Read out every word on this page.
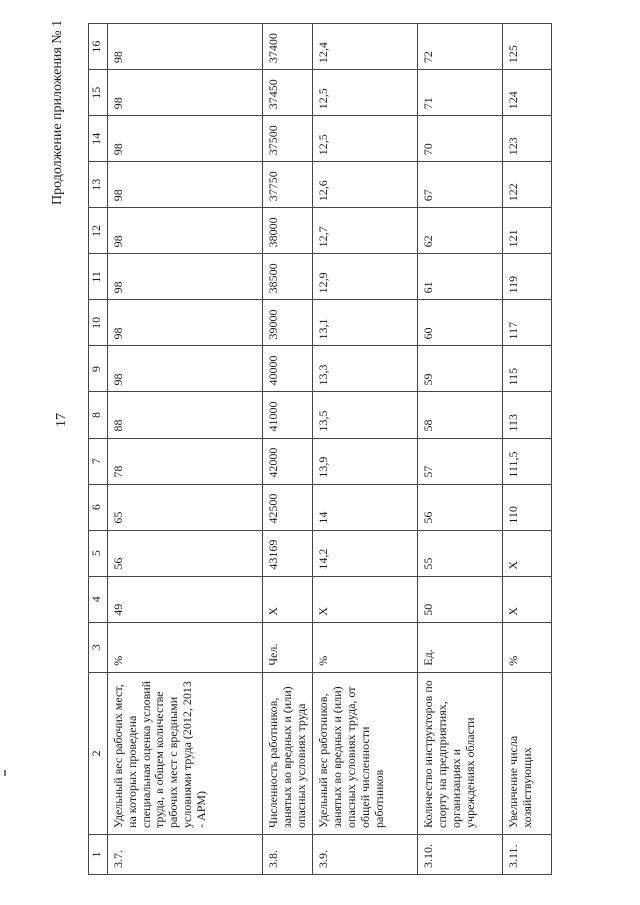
Продолжение приложения № 1
17
1	2	3	4	5	6	7	8	9	10	11	12	13	14	15	16
3.7.	Удельный вес рабочих мест, на которых проведена специальная оценка условий труда, в общем количестве рабочих мест с вредными условиями труда (2012, 2013 - АРМ)	%	49	56	65	78	88	98	98	98	98	98	98	98	98
3.8.	Численность работников, занятых во вредных и (или) опасных условиях труда	Чел.	Х	43169	42500	42000	41000	40000	39000	38500	38000	37750	37500	37450	37400
3.9.	Удельный вес работников, занятых во вредных и (или) опасных условиях труда, от общей численности работников	%	Х	14,2	14	13,9	13,5	13,3	13,1	12,9	12,7	12,6	12,5	12,5	12,4
3.10.	Количество инструкторов по спорту на предприятиях, организациях и учреждениях области	Ед.	50	55	56	57	58	59	60	61	62	67	70	71	72
3.11.	Увеличение числа хозяйствующих	%	Х	Х	110	111,5	113	115	117	119	121	122	123	124	125
